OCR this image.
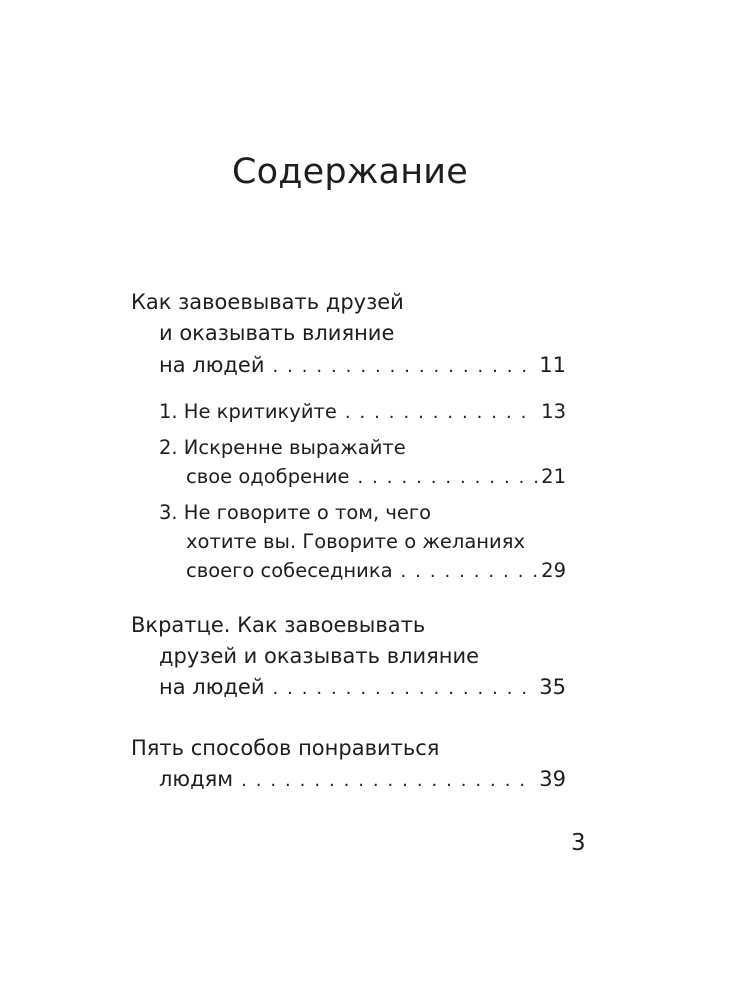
Содержание
Как завоевывать друзей
и оказывать влияние
на людей . . .	11
1. Не критикуйте . . .	13
2. Искренне выражайте
свое одобрение . . .	21
3. Не говорите о том, чего
хотите вы. Говорите о желаниях
своего собеседника . . .	29
Вкратце. Как завоевывать
друзей и оказывать влияние
на людей . . .	35
Пять способов понравиться
людям . . .	39
3
